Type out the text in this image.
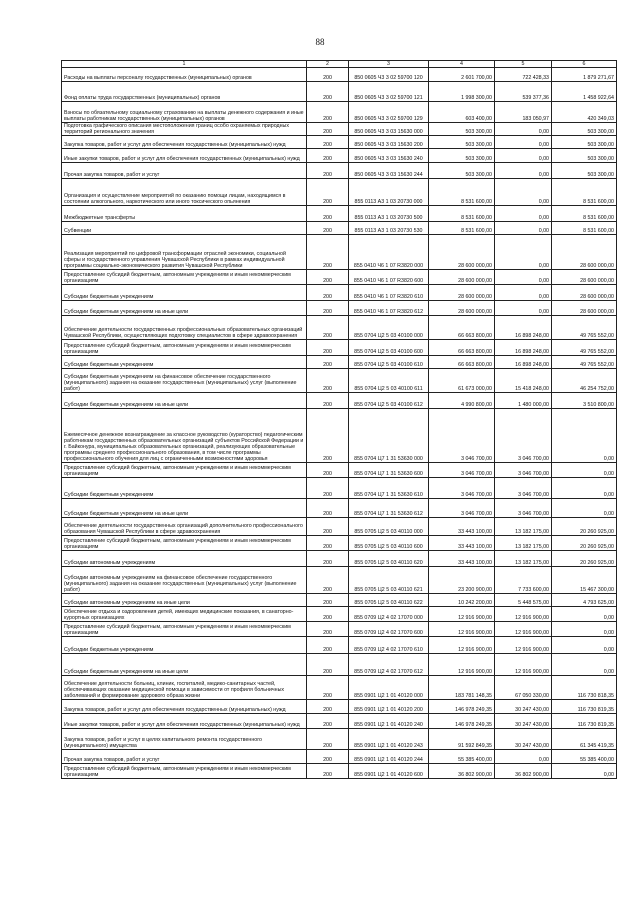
88
1	2	3	4	5	6
Расходы на выплаты персоналу государственных (муниципальных) органов	200	850 0605 Ч3 3 02 59700 120	2 601 700,00	722 428,33	1 879 271,67
Фонд оплаты труда государственных (муниципальных) органов	200	850 0605 Ч3 3 02 59700 121	1 998 300,00	539 377,36	1 458 922,64
Взносы по обязательному социальному страхованию на выплаты денежного содержания и иные выплаты работникам государственных (муниципальных) органов	200	850 0605 Ч3 3 02 59700 129	603 400,00	183 050,97	420 349,03
Подготовка графического описания местоположения границ особо охраняемых природных территорий регионального значения	200	850 0605 Ч3 3 03 15630 000	503 300,00	0,00	503 300,00
Закупка товаров, работ и услуг для обеспечения государственных (муниципальных) нужд	200	850 0605 Ч3 3 03 15630 200	503 300,00	0,00	503 300,00
Иные закупки товаров, работ и услуг для обеспечения государственных (муниципальных) нужд	200	850 0605 Ч3 3 03 15630 240	503 300,00	0,00	503 300,00
Прочая закупка товаров, работ и услуг	200	850 0605 Ч3 3 03 15630 244	503 300,00	0,00	503 300,00
Организация и осуществление мероприятий по оказанию помощи лицам, находящимся в состоянии алкогольного, наркотического или иного токсического опьянения	200	855 0113 А3 1 03 20730 000	8 531 600,00	0,00	8 531 600,00
Межбюджетные трансферты	200	855 0113 А3 1 03 20730 500	8 531 600,00	0,00	8 531 600,00
Субвенции	200	855 0113 А3 1 03 20730 530	8 531 600,00	0,00	8 531 600,00
Реализация мероприятий по цифровой трансформации отраслей экономики, социальной сферы и государственного управления Чувашской Республики в рамках индивидуальной программы социально-экономического развития Чувашской Республики	200	855 0410 Ч6 1 07 R3820 000	28 600 000,00	0,00	28 600 000,00
Предоставление субсидий бюджетным, автономным учреждениям и иным некоммерческим организациям	200	855 0410 Ч6 1 07 R3820 600	28 600 000,00	0,00	28 600 000,00
Субсидии бюджетным учреждениям	200	855 0410 Ч6 1 07 R3820 610	28 600 000,00	0,00	28 600 000,00
Субсидии бюджетным учреждениям на иные цели	200	855 0410 Ч6 1 07 R3820 612	28 600 000,00	0,00	28 600 000,00
Обеспечение деятельности государственных профессиональных образовательных организаций Чувашской Республики, осуществляющих подготовку специалистов в сфере здравоохранения	200	855 0704 Ц2 5 03 40100 000	66 663 800,00	16 898 248,00	49 765 552,00
Предоставление субсидий бюджетным, автономным учреждениям и иным некоммерческим организациям	200	855 0704 Ц2 5 03 40100 600	66 663 800,00	16 898 248,00	49 765 552,00
Субсидии бюджетным учреждениям	200	855 0704 Ц2 5 03 40100 610	66 663 800,00	16 898 248,00	49 765 552,00
Субсидии бюджетным учреждениям на финансовое обеспечение государственного (муниципального) задания на оказание государственных (муниципальных) услуг (выполнение работ)	200	855 0704 Ц2 5 03 40100 611	61 673 000,00	15 418 248,00	46 254 752,00
Субсидии бюджетным учреждениям на иные цели	200	855 0704 Ц2 5 03 40100 612	4 990 800,00	1 480 000,00	3 510 800,00
Ежемесячное денежное вознаграждение за классное руководство (кураторство) педагогическим работникам государственных образовательных организаций субъектов Российской Федерации и г. Байконура, муниципальных образовательных организаций, реализующих образовательные программы среднего профессионального образования, в том числе программы профессионального обучения для лиц с ограниченными возможностями здоровья	200	855 0704 Ц7 1 31 53630 000	3 046 700,00	3 046 700,00	0,00
Предоставление субсидий бюджетным, автономным учреждениям и иным некоммерческим организациям	200	855 0704 Ц7 1 31 53630 600	3 046 700,00	3 046 700,00	0,00
Субсидии бюджетным учреждениям	200	855 0704 Ц7 1 31 53630 610	3 046 700,00	3 046 700,00	0,00
Субсидии бюджетным учреждениям на иные цели	200	855 0704 Ц7 1 31 53630 612	3 046 700,00	3 046 700,00	0,00
Обеспечение деятельности государственных организаций дополнительного профессионального образования Чувашской Республики в сфере здравоохранения	200	855 0705 Ц2 5 03 40110 000	33 443 100,00	13 182 175,00	20 260 925,00
Предоставление субсидий бюджетным, автономным учреждениям и иным некоммерческим организациям	200	855 0705 Ц2 5 03 40110 600	33 443 100,00	13 182 175,00	20 260 925,00
Субсидии автономным учреждениям	200	855 0705 Ц2 5 03 40110 620	33 443 100,00	13 182 175,00	20 260 925,00
Субсидии автономным учреждениям на финансовое обеспечение государственного (муниципального) задания на оказание государственных (муниципальных) услуг (выполнение работ)	200	855 0705 Ц2 5 03 40110 621	23 200 900,00	7 733 600,00	15 467 300,00
Субсидии автономным учреждениям на иные цели	200	855 0705 Ц2 5 03 40110 622	10 242 200,00	5 448 575,00	4 793 625,00
Обеспечение отдыха и оздоровления детей, имеющих медицинские показания, в санаторно-курортных организациях	200	855 0709 Ц2 4 02 17070 000	12 916 900,00	12 916 900,00	0,00
Предоставление субсидий бюджетным, автономным учреждениям и иным некоммерческим организациям	200	855 0709 Ц2 4 02 17070 600	12 916 900,00	12 916 900,00	0,00
Субсидии бюджетным учреждениям	200	855 0709 Ц2 4 02 17070 610	12 916 900,00	12 916 900,00	0,00
Субсидии бюджетным учреждениям на иные цели	200	855 0709 Ц2 4 02 17070 612	12 916 900,00	12 916 900,00	0,00
Обеспечение деятельности больниц, клиник, госпиталей, медико-санитарных частей, обеспечивающих оказание медицинской помощи в зависимости от профиля больничных заболеваний и формирование здорового образа жизни	200	855 0901 Ц2 1 01 40120 000	183 781 148,35	67 050 330,00	116 730 818,35
Закупка товаров, работ и услуг для обеспечения государственных (муниципальных) нужд	200	855 0901 Ц2 1 01 40120 200	146 978 249,35	30 247 430,00	116 730 819,35
Иные закупки товаров, работ и услуг для обеспечения государственных (муниципальных) нужд	200	855 0901 Ц2 1 01 40120 240	146 978 249,35	30 247 430,00	116 730 819,35
Закупка товаров, работ и услуг в целях капитального ремонта государственного (муниципального) имущества	200	855 0901 Ц2 1 01 40120 243	91 592 849,35	30 247 430,00	61 345 419,35
Прочая закупка товаров, работ и услуг	200	855 0901 Ц2 1 01 40120 244	55 385 400,00	0,00	55 385 400,00
Предоставление субсидий бюджетным, автономным учреждениям и иным некоммерческим организациям	200	855 0901 Ц2 1 01 40120 600	36 802 900,00	36 802 900,00	0,00
